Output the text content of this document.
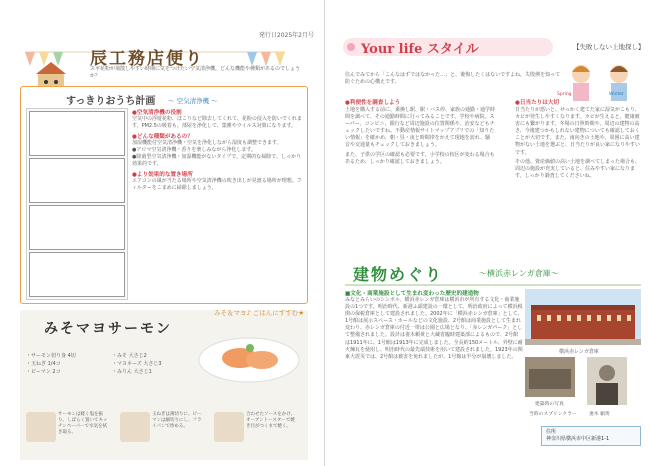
発行日2025年2月号
辰工務店便り
スギ花粉が飛散しやすい時期に気をつけたい空気清浄機。どんな機能や種類があるのでしょうか？
すっきりおうち計画 ～ 空気清浄機 ～
●空気清浄機の役割
空気中の浮遊花粉、ほこりなど除去してくれて、花粉の侵入を防いでくれます。PM2.5の吸着も。部屋を浄化して、集塵やウイルス対策になります。
●どんな種類があるの？
加湿機能付空気清浄機・空気を浄化しながら湿度も調整できます。
●アロマ空気清浄機・香りを楽しみながら浄化します。
●除菌型空気清浄機・加湿機能がないタイプで、定期的な掃除で、しっかり効果的です。
●より効果的な置き場所
エアコンの風が当たる場所や空気清浄機の吹き出しが見渡る場所が理想。フィルターをこまめに掃除しましょう。
みそマヨサーモン
みそ＆マヨ♪ ごはんにすすむ★
・サーモン切り身 4切
・玉ねぎ 1/4コ
・ピーマン 2コ
・みそ 大さじ2
・マヨネーズ 大さじ3
・みりん 大さじ1
サーモンは軽く塩を振り、しばらく置いてキッチンペーパーで水気を拭き取る。
玉ねぎは薄切りに、ピーマンは細切りにし、フライパンで炒める。
合わせたソースをかけ、オーブントースターで焼き目がつくまで焼く。
Your life スタイル	【失敗しない上地探し】
Spring	Winter
住んでみてから「こんなはずではなかった…」と、後悔したくはないですよね。失敗例を知って防ぐための心構えです。
●利便性を調査しよう
土地を購入する前に、乗換し駅、駅・バス停、家族の通勤・通学時間を調べて、その通勤時間に行ってみることです。学校や病院、スーパー、コンビニ、銀行など周辺施設の位置関係や、治安などもチェックしたいですね。不動産情報サイトマップアプリでの「知りたい情報」を確かめ、朝・昼・夜と時間帯をかえて現地を訪れ、騒音や交通量もチェックしておきましょう。
また、子供の学区の確認も必要です。小学校の校区が変わる場合もあるため、しっかり確認しておきましょう。
●日当たりは大切
日当たりが悪いと、せっかく建てた家に湿気がこもり、カビが発生しやすくなります。カビが生えると、健康被害にも繋がります。冬場の日照時間や、周辺の建物の高さ、今後建つかもしれない建物についても確認しておくことが大切です。また、南向きの土地や、周囲に高い建物がない土地を選ぶと、日当たりが良い家になりやすいです。
その他、資産価値の高い土地を調べてしまった場合も、周辺の施設が充実していると、住みやすい家になります。しっかり調査してくださいね。
建物めぐり	～横浜赤レンガ倉庫～
■文化・商業施設として生まれ変わった歴史的建造物
みなとみらいのシンボル、横浜赤レンガ倉庫は横浜市が所有する文化・商業施設の1つです。明治時代、新港ふ頭建設の一環として、明治政府によって横浜税関の保税倉庫として建設されました。2002年に「横浜赤レンガ倉庫」として、1号館は展示スペース・ホールなどの文化施設、2号館は商業施設として生まれ変わり、赤レンガ倉庫の付近一帯は公園と広場となり、「赤レンガパーク」として整備されました。設計は妻木頼黄と大蔵省臨時建築部によるもので、2号館は1911年に、1号館は1913年に完成しました。全長約150メートル、外壁に耐火煉瓦を使用し、明治時代の最先端技術を用いて建設されました。1923年の関東大震災では、2号館は被害を免れましたが、1号館は半分が崩壊しました。
横浜赤レンガ倉庫
建築時の写真
当時のスプリンクラー	妻木 頼黄
住所
神奈川県横浜市中区新港1-1
